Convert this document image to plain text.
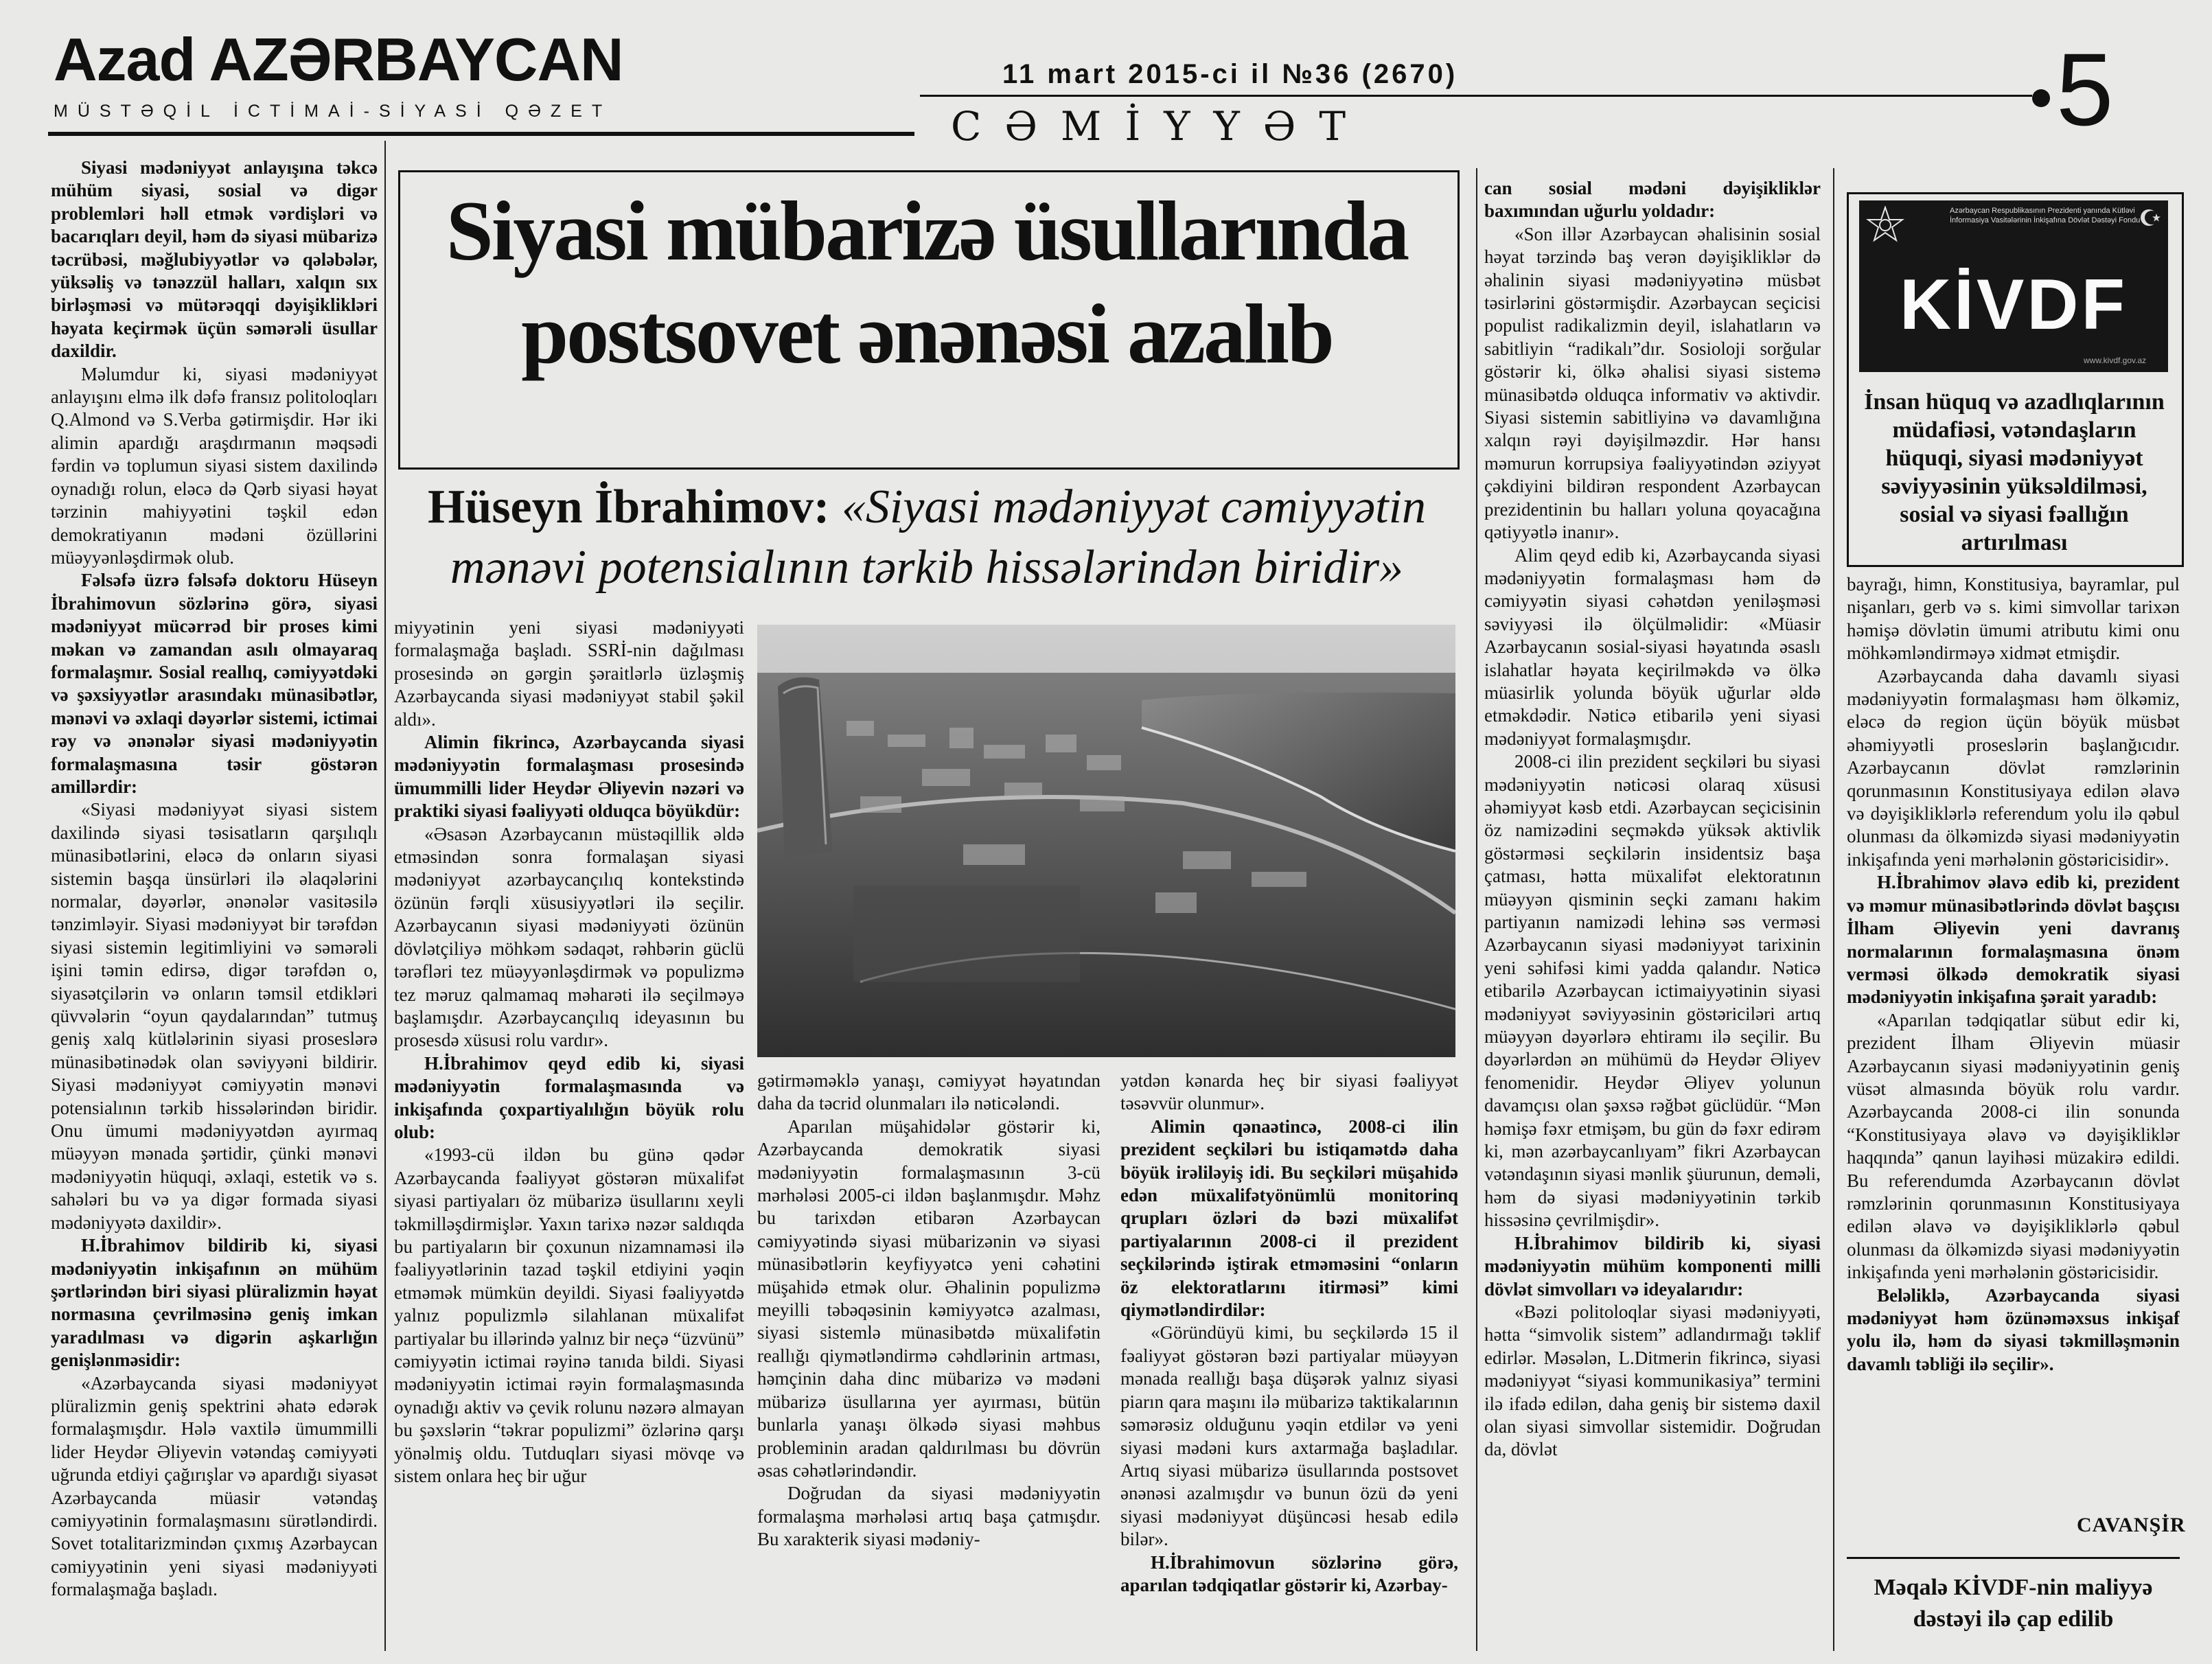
Azad AZƏRBAYCAN
MÜSTƏQİL İCTİMAİ-SİYASİ QƏZET
11 mart 2015-ci il №36 (2670)
CƏMİYYƏT	5
Siyasi mübarizə üsullarında
postsovet ənənəsi azalıb
Hüseyn İbrahimov: «Siyasi mədəniyyət cəmiyyətin
mənəvi potensialının tərkib hissələrindən biridir»

Siyasi mədəniyyət anlayışına təkcə mühüm siyasi, sosial və digər problemləri həll etmək vərdişləri və bacarıqları deyil, həm də siyasi mübarizə təcrübəsi, məğlubiyyətlər və qələbələr, yüksəliş və tənəzzül halları, xalqın sıx birləşməsi və mütərəqqi dəyişiklikləri həyata keçirmək üçün səmərəli üsullar daxildir.

Məlumdur ki, siyasi mədəniyyət anlayışını elmə ilk dəfə fransız politoloqları Q.Almond və S.Verba gətirmişdir. Hər iki alimin apardığı araşdırmanın məqsədi fərdin və toplumun siyasi sistem daxilində oynadığı rolun, eləcə də Qərb siyasi həyat tərzinin mahiyyətini təşkil edən demokratiyanın mədəni özüllərini müəyyənləşdirmək olub.

Fəlsəfə üzrə fəlsəfə doktoru Hüseyn İbrahimovun sözlərinə görə, siyasi mədəniyyət mücərrəd bir proses kimi məkan və zamandan asılı olmayaraq formalaşmır. Sosial reallıq, cəmiyyətdəki və şəxsiyyətlər arasındakı münasibətlər, mənəvi və əxlaqi dəyərlər sistemi, ictimai rəy və ənənələr siyasi mədəniyyətin formalaşmasına təsir göstərən amillərdir:

«Siyasi mədəniyyət siyasi sistem daxilində siyasi təsisatların qarşılıqlı münasibətlərini, eləcə də onların siyasi sistemin başqa ünsürləri ilə əlaqələrini normalar, dəyərlər, ənənələr vasitəsilə tənzimləyir. Siyasi mədəniyyət bir tərəfdən siyasi sistemin legitimliyini və səmərəli işini təmin edirsə, digər tərəfdən o, siyasətçilərin və onların təmsil etdikləri qüvvələrin “oyun qaydalarından” tutmuş geniş xalq kütlələrinin siyasi proseslərə münasibətinədək olan səviyyəni bildirir. Siyasi mədəniyyət cəmiyyətin mənəvi potensialının tərkib hissələrindən biridir. Onu ümumi mədəniyyətdən ayırmaq müəyyən mənada şərtidir, çünki mənəvi mədəniyyətin hüquqi, əxlaqi, estetik və s. sahələri bu və ya digər formada siyasi mədəniyyətə daxildir».

H.İbrahimov bildirib ki, siyasi mədəniyyətin inkişafının ən mühüm şərtlərindən biri siyasi plüralizmin həyat normasına çevrilməsinə geniş imkan yaradılması və digərin aşkarlığın genişlənməsidir:

«Azərbaycanda siyasi mədəniyyət plüralizmin geniş spektrini əhatə edərək formalaşmışdır. Hələ vaxtilə ümummilli lider Heydər Əliyevin vətəndaş cəmiyyəti uğrunda etdiyi çağırışlar və apardığı siyasət Azərbaycanda müasir vətəndaş cəmiyyətinin formalaşmasını sürətləndirdi. Sovet totalitarizmindən çıxmış Azərbaycan cəmiyyətinin yeni siyasi mədəniyyəti formalaşmağa başladı.

miyyətinin yeni siyasi mədəniyyəti formalaşmağa başladı. SSRİ-nin dağılması prosesində ən gərgin şəraitlərlə üzləşmiş Azərbaycanda siyasi mədəniyyət stabil şəkil aldı».

Alimin fikrincə, Azərbaycanda siyasi mədəniyyətin formalaşması prosesində ümummilli lider Heydər Əliyevin nəzəri və praktiki siyasi fəaliyyəti olduqca böyükdür:

«Əsasən Azərbaycanın müstəqillik əldə etməsindən sonra formalaşan siyasi mədəniyyət azərbaycançılıq kontekstində özünün fərqli xüsusiyyətləri ilə seçilir. Azərbaycanın siyasi mədəniyyəti özünün dövlətçiliyə möhkəm sədaqət, rəhbərin güclü tərəfləri tez müəyyənləşdirmək və populizmə tez məruz qalmamaq məharəti ilə seçilməyə başlamışdır. Azərbaycançılıq ideyasının bu prosesdə xüsusi rolu vardır».

H.İbrahimov qeyd edib ki, siyasi mədəniyyətin formalaşmasında və inkişafında çoxpartiyalılığın böyük rolu olub:

«1993-cü ildən bu günə qədər Azərbaycanda fəaliyyət göstərən müxalifət siyasi partiyaları öz mübarizə üsullarını xeyli təkmilləşdirmişlər. Yaxın tarixə nəzər saldıqda bu partiyaların bir çoxunun nizamnaməsi ilə fəaliyyətlərinin tazad təşkil etdiyini yəqin etməmək mümkün deyildi. Siyasi fəaliyyətdə yalnız populizmlə silahlanan müxalifət partiyalar bu illərində yalnız bir neçə “üzvünü” cəmiyyətin ictimai rəyinə tanıda bildi. Siyasi mədəniyyətin ictimai rəyin formalaşmasında oynadığı aktiv və çevik rolunu nəzərə almayan bu şəxslərin “təkrar populizmi” özlərinə qarşı yönəlmiş oldu. Tutduqları siyasi mövqe və sistem onlara heç bir uğur

gətirməməklə yanaşı, cəmiyyət həyatından daha da təcrid olunmaları ilə nəticələndi.

Aparılan müşahidələr göstərir ki, Azərbaycanda demokratik siyasi mədəniyyətin formalaşmasının 3-cü mərhələsi 2005-ci ildən başlanmışdır. Məhz bu tarixdən etibarən Azərbaycan cəmiyyətində siyasi mübarizənin və siyasi münasibətlərin keyfiyyətcə yeni cəhətini müşahidə etmək olur. Əhalinin populizmə meyilli təbəqəsinin kəmiyyətcə azalması, siyasi sistemlə münasibətdə müxalifətin reallığı qiymətləndirmə cəhdlərinin artması, həmçinin daha dinc mübarizə və mədəni mübarizə üsullarına yer ayırması, bütün bunlarla yanaşı ölkədə siyasi məhbus probleminin aradan qaldırılması bu dövrün əsas cəhətlərindəndir.

Doğrudan da siyasi mədəniyyətin formalaşma mərhələsi artıq başa çatmışdır. Bu xarakterik siyasi mədəniy-

yətdən kənarda heç bir siyasi fəaliyyət təsəvvür olunmur».

Alimin qənaətincə, 2008-ci ilin prezident seçkiləri bu istiqamətdə daha böyük irəliləyiş idi. Bu seçkiləri müşahidə edən müxalifətyönümlü monitorinq qrupları özləri də bəzi müxalifət partiyalarının 2008-ci il prezident seçkilərində iştirak etməməsini “onların öz elektoratlarını itirməsi” kimi qiymətləndirdilər:

«Göründüyü kimi, bu seçkilərdə 15 il fəaliyyət göstərən bəzi partiyalar müəyyən mənada reallığı başa düşərək yalnız siyasi piarın qara maşını ilə mübarizə taktikalarının səmərəsiz olduğunu yəqin etdilər və yeni siyasi mədəni kurs axtarmağa başladılar. Artıq siyasi mübarizə üsullarında postsovet ənənəsi azalmışdır və bunun özü də yeni siyasi mədəniyyət düşüncəsi hesab edilə bilər».

H.İbrahimovun sözlərinə görə, aparılan tədqiqatlar göstərir ki, Azərbay-

can sosial mədəni dəyişikliklər baxımından uğurlu yoldadır:

«Son illər Azərbaycan əhalisinin sosial həyat tərzində baş verən dəyişikliklər də əhalinin siyasi mədəniyyətinə müsbət təsirlərini göstərmişdir. Azərbaycan seçicisi populist radikalizmin deyil, islahatların və sabitliyin “radikalı”dır. Sosioloji sorğular göstərir ki, ölkə əhalisi siyasi sistemə münasibətdə olduqca informativ və aktivdir. Siyasi sistemin sabitliyinə və davamlığına xalqın rəyi dəyişilməzdir. Hər hansı məmurun korrupsiya fəaliyyətindən əziyyət çəkdiyini bildirən respondent Azərbaycan prezidentinin bu halları yoluna qoyacağına qətiyyətlə inanır».

Alim qeyd edib ki, Azərbaycanda siyasi mədəniyyətin formalaşması həm də cəmiyyətin siyasi cəhətdən yeniləşməsi səviyyəsi ilə ölçülməlidir: «Müasir Azərbaycanın sosial-siyasi həyatında əsaslı islahatlar həyata keçirilməkdə və ölkə müasirlik yolunda böyük uğurlar əldə etməkdədir. Nəticə etibarilə yeni siyasi mədəniyyət formalaşmışdır.

2008-ci ilin prezident seçkiləri bu siyasi mədəniyyətin nəticəsi olaraq xüsusi əhəmiyyət kəsb etdi. Azərbaycan seçicisinin öz namizədini seçməkdə yüksək aktivlik göstərməsi seçkilərin insidentsiz başa çatması, hətta müxalifət elektoratının müəyyən qisminin seçki zamanı hakim partiyanın namizədi lehinə səs verməsi Azərbaycanın siyasi mədəniyyət tarixinin yeni səhifəsi kimi yadda qalandır. Nəticə etibarilə Azərbaycan ictimaiyyətinin siyasi mədəniyyət səviyyəsinin göstəriciləri artıq müəyyən dəyərlərə ehtiramı ilə seçilir. Bu dəyərlərdən ən mühümü də Heydər Əliyev fenomenidir. Heydər Əliyev yolunun davamçısı olan şəxsə rəğbət güclüdür. “Mən həmişə fəxr etmişəm, bu gün də fəxr edirəm ki, mən azərbaycanlıyam” fikri Azərbaycan vətəndaşının siyasi mənlik şüurunun, deməli, həm də siyasi mədəniyyətinin tərkib hissəsinə çevrilmişdir».

H.İbrahimov bildirib ki, siyasi mədəniyyətin mühüm komponenti milli dövlət simvolları və ideyalarıdır:

«Bəzi politoloqlar siyasi mədəniyyəti, hətta “simvolik sistem” adlandırmağı təklif edirlər. Məsələn, L.Ditmerin fikrincə, siyasi mədəniyyət “siyasi kommunikasiya” termini ilə ifadə edilən, daha geniş bir sistemə daxil olan siyasi simvollar sistemidir. Doğrudan da, dövlət

Azərbaycan Respublikasının Prezidenti yanında Kütləvi İnformasiya Vasitələrinin İnkişafına Dövlət Dəstəyi Fondu
KİVDF
www.kivdf.gov.az
İnsan hüquq və azadlıqlarının müdafiəsi, vətəndaşların hüquqi, siyasi mədəniyyət səviyyəsinin yüksəldilməsi, sosial və siyasi fəallığın artırılması

bayrağı, himn, Konstitusiya, bayramlar, pul nişanları, gerb və s. kimi simvollar tarixən həmişə dövlətin ümumi atributu kimi onu möhkəmləndirməyə xidmət etmişdir.

Azərbaycanda daha davamlı siyasi mədəniyyətin formalaşması həm ölkəmiz, eləcə də region üçün böyük müsbət əhəmiyyətli proseslərin başlanğıcıdır. Azərbaycanın dövlət rəmzlərinin qorunmasının Konstitusiyaya edilən əlavə və dəyişikliklərlə referendum yolu ilə qəbul olunması da ölkəmizdə siyasi mədəniyyətin inkişafında yeni mərhələnin göstəricisidir».

H.İbrahimov əlavə edib ki, prezident və məmur münasibətlərində dövlət başçısı İlham Əliyevin yeni davranış normalarının formalaşmasına önəm verməsi ölkədə demokratik siyasi mədəniyyətin inkişafına şərait yaradıb:

«Aparılan tədqiqatlar sübut edir ki, prezident İlham Əliyevin müasir Azərbaycanın siyasi mədəniyyətinin geniş vüsət almasında böyük rolu vardır. Azərbaycanda 2008-ci ilin sonunda “Konstitusiyaya əlavə və dəyişikliklər haqqında” qanun layihəsi müzakirə edildi. Bu referendumda Azərbaycanın dövlət rəmzlərinin qorunmasının Konstitusiyaya edilən əlavə və dəyişikliklərlə qəbul olunması da ölkəmizdə siyasi mədəniyyətin inkişafında yeni mərhələnin göstəricisidir.

Beləliklə, Azərbaycanda siyasi mədəniyyət həm özünəməxsus inkişaf yolu ilə, həm də siyasi təkmilləşmənin davamlı təbliği ilə seçilir».

CAVANŞİR
Məqalə KİVDF-nin maliyyə
dəstəyi ilə çap edilib
